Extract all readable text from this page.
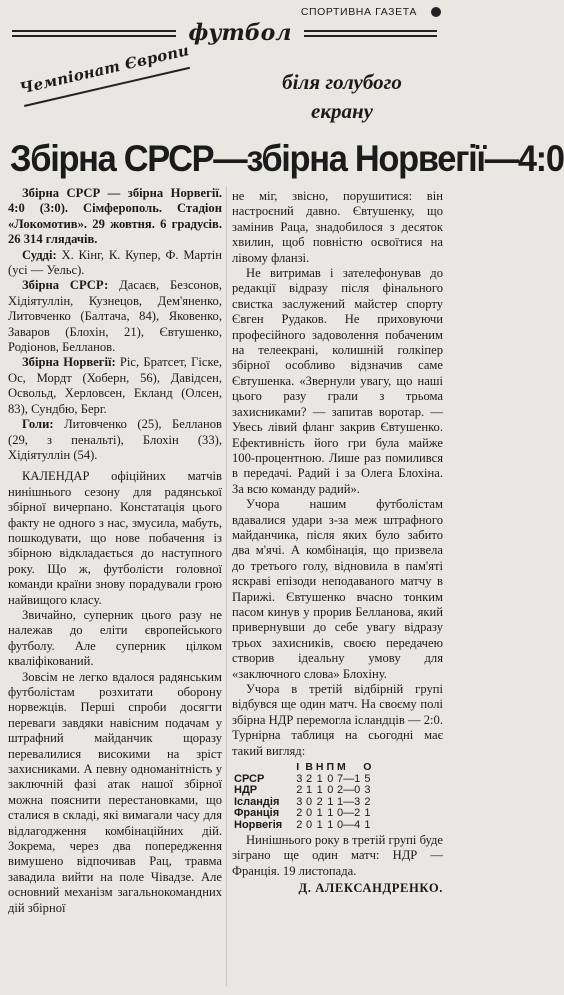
СПОРТИВНА ГАЗЕТА
футбол
Чемпіонат Європи	біля голубого
екрану
Збірна СРСР—збірна Норвегії—4:0

Збірна СРСР — збірна Норвегії. 4:0 (3:0). Сімферополь. Стадіон «Локомотив». 29 жовтня. 6 градусів. 26 314 глядачів.

Судді: Х. Кінг, К. Купер, Ф. Мартін (усі — Уельс).

Збірна СРСР: Дасаєв, Безсонов, Хідіятуллін, Кузнецов, Дем'яненко, Литовченко (Балтача, 84), Яковенко, Заваров (Блохін, 21), Євтушенко, Родіонов, Белланов.

Збірна Норвегії: Ріс, Братсет, Гіске, Ос, Мордт (Хоберн, 56), Давідсен, Освольд, Херловсен, Екланд (Олсен, 83), Сундбю, Берг.

Голи: Литовченко (25), Белланов (29, з пенальті), Блохін (33), Хідіятуллін (54).

КАЛЕНДАР офіційних матчів нинішнього сезону для радянської збірної вичерпано. Констатація цього факту не одного з нас, змусила, мабуть, пошкодувати, що нове побачення із збірною відкладається до наступного року. Що ж, футболісти головної команди країни знову порадували грою найвищого класу.

Звичайно, суперник цього разу не належав до еліти європейського футболу. Але суперник цілком кваліфікований.

Зовсім не легко вдалося радянським футболістам розхитати оборону норвежців. Перші спроби досягти переваги завдяки навісним подачам у штрафний майданчик щоразу перевалилися високими на зріст захисниками. А певну одноманітність у заключній фазі атак нашої збірної можна пояснити перестановками, що сталися в складі, які вимагали часу для відлагодження комбінаційних дій. Зокрема, через два попередження вимушено відпочивав Рац, травма завадила вийти на поле Чівадзе. Але основний механізм загальнокомандних дій збірної

не міг, звісно, порушитися: він настроєний давно. Євтушенку, що замінив Раца, знадобилося з десяток хвилин, щоб повністю освоїтися на лівому фланзі.

Не витримав і зателефонував до редакції відразу після фінального свистка заслужений майстер спорту Євген Рудаков. Не приховуючи професійного задоволення побаченим на телеекрані, колишній голкіпер збірної особливо відзначив саме Євтушенка. «Звернули увагу, що наші цього разу грали з трьома захисниками? — запитав воротар. — Увесь лівий фланг закрив Євтушенко. Ефективність його гри була майже 100-процентною. Лише раз помилився в передачі. Радий і за Олега Блохіна. За всю команду радий».

Учора нашим футболістам вдавалися удари з-за меж штрафного майданчика, після яких було забито два м'ячі. А комбінація, що призвела до третього голу, відновила в пам'яті яскраві епізоди неподаваного матчу в Парижі. Євтушенко вчасно тонким пасом кинув у прорив Белланова, який привернувши до себе увагу відразу трьох захисників, своєю передачею створив ідеальну умову для «заключного слова» Блохіну.

Учора в третій відбірній групі відбувся ще один матч. На своєму полі збірна НДР перемогла ісландців — 2:0. Турнірна таблиця на сьогодні має такий вигляд:

	І	В	Н	П	М	О
СРСР	3	2	1	0	7—1	5
НДР	2	1	1	0	2—0	3
Ісландія	3	0	2	1	1—3	2
Франція	2	0	1	1	0—2	1
Норвегія	2	0	1	1	0—4	1

Нинішнього року в третій групі буде зіграно ще один матч: НДР — Франція. 19 листопада.

Д. АЛЕКСАНДРЕНКО.
